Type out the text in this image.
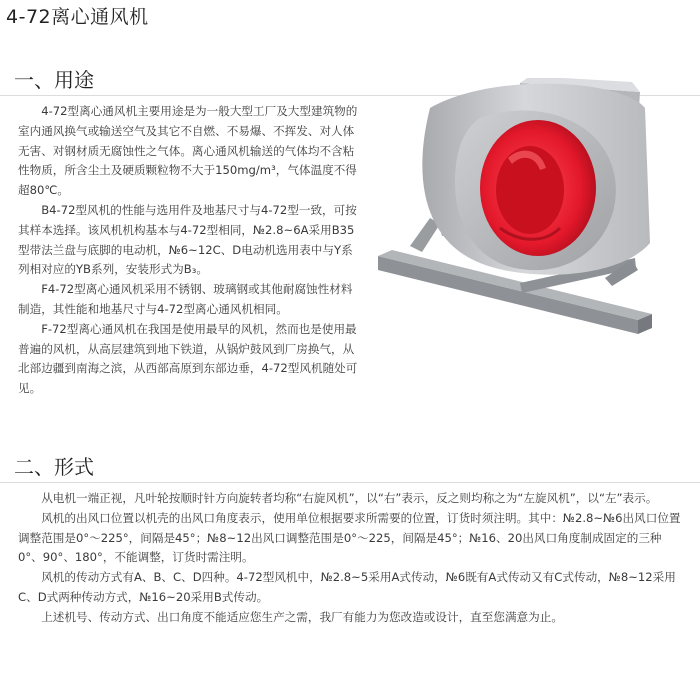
4-72离心通风机
一、用途

4-72型离心通风机主要用途是为一般大型工厂及大型建筑物的室内通风换气或输送空气及其它不自燃、不易爆、不挥发、对人体无害、对钢材质无腐蚀性之气体。离心通风机输送的气体均不含粘性物质，所含尘土及硬质颗粒物不大于150mg/m³，气体温度不得超80℃。

B4-72型风机的性能与选用件及地基尺寸与4-72型一致，可按其样本选择。该风机机构基本与4-72型相同，№2.8~6A采用B35型带法兰盘与底脚的电动机，№6~12C、D电动机选用表中与Y系列相对应的YB系列，安装形式为B₃。

F4-72型离心通风机采用不锈钢、玻璃钢或其他耐腐蚀性材料制造，其性能和地基尺寸与4-72型离心通风机相同。

F-72型离心通风机在我国是使用最早的风机，然而也是使用最普遍的风机，从高层建筑到地下铁道，从锅炉鼓风到厂房换气，从北部边疆到南海之滨，从西部高原到东部边垂，4-72型风机随处可见。

二、形式

从电机一端正视，凡叶轮按顺时针方向旋转者均称“右旋风机”，以“右”表示，反之则均称之为“左旋风机”，以“左”表示。

风机的出风口位置以机壳的出风口角度表示，使用单位根据要求所需要的位置，订货时须注明。其中：№2.8~№6出风口位置调整范围是0°～225°，间隔是45°；№8~12出风口调整范围是0°～225，间隔是45°；№16、20出风口角度制成固定的三种0°、90°、180°，不能调整，订货时需注明。

风机的传动方式有A、B、C、D四种。4-72型风机中，№2.8~5采用A式传动，№6既有A式传动又有C式传动，№8~12采用C、D式两种传动方式，№16~20采用B式传动。

上述机号、传动方式、出口角度不能适应您生产之需，我厂有能力为您改造或设计，直至您满意为止。
